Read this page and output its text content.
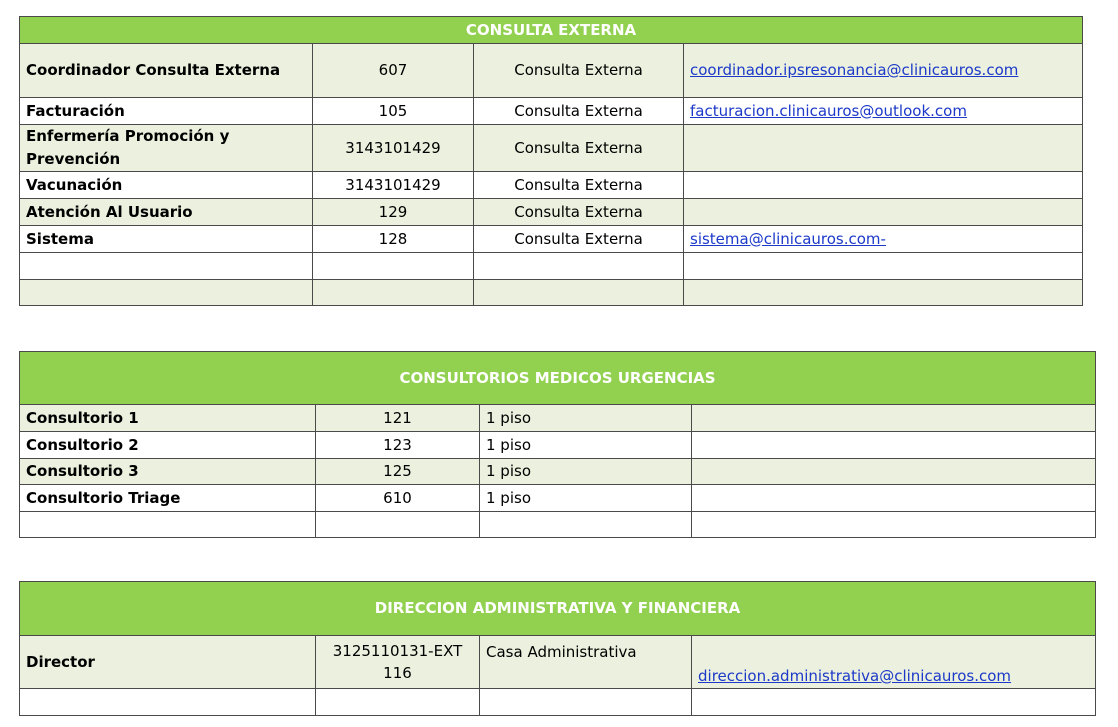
CONSULTA EXTERNA			
Coordinador Consulta Externa	607	Consulta Externa	coordinador.ipsresonancia@clinicauros.com
Facturación	105	Consulta Externa	facturacion.clinicauros@outlook.com
Enfermería Promoción y Prevención	3143101429	Consulta Externa	
Vacunación	3143101429	Consulta Externa	
Atención Al Usuario	129	Consulta Externa	
Sistema	128	Consulta Externa	sistema@clinicauros.com-

CONSULTORIOS MEDICOS URGENCIAS			
Consultorio 1	121	1 piso	
Consultorio 2	123	1 piso	
Consultorio 3	125	1 piso	
Consultorio Triage	610	1 piso	

DIRECCION ADMINISTRATIVA Y FINANCIERA			
Director	3125110131-EXT 116	Casa Administrativa	direccion.administrativa@clinicauros.com
